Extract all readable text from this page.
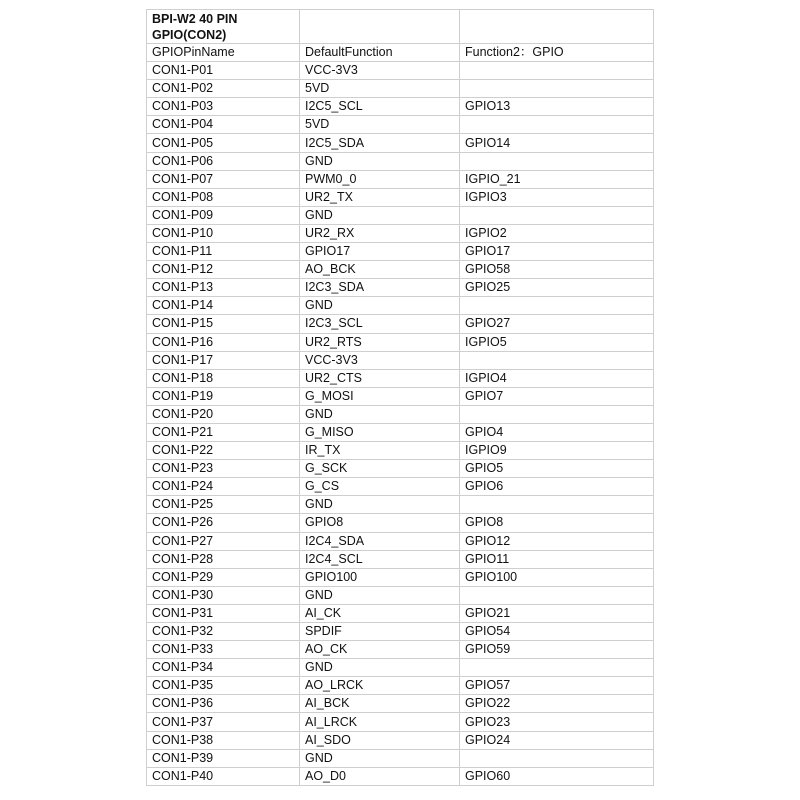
BPI-W2 40 PIN
GPIO(CON2)		

GPIOPinName	DefaultFunction	Function2：GPIO
CON1-P01	VCC-3V3	
CON1-P02	5VD	
CON1-P03	I2C5_SCL	GPIO13
CON1-P04	5VD	
CON1-P05	I2C5_SDA	GPIO14
CON1-P06	GND	
CON1-P07	PWM0_0	IGPIO_21
CON1-P08	UR2_TX	IGPIO3
CON1-P09	GND	
CON1-P10	UR2_RX	IGPIO2
CON1-P11	GPIO17	GPIO17
CON1-P12	AO_BCK	GPIO58
CON1-P13	I2C3_SDA	GPIO25
CON1-P14	GND	
CON1-P15	I2C3_SCL	GPIO27
CON1-P16	UR2_RTS	IGPIO5
CON1-P17	VCC-3V3	
CON1-P18	UR2_CTS	IGPIO4
CON1-P19	G_MOSI	GPIO7
CON1-P20	GND	
CON1-P21	G_MISO	GPIO4
CON1-P22	IR_TX	IGPIO9
CON1-P23	G_SCK	GPIO5
CON1-P24	G_CS	GPIO6
CON1-P25	GND	
CON1-P26	GPIO8	GPIO8
CON1-P27	I2C4_SDA	GPIO12
CON1-P28	I2C4_SCL	GPIO11
CON1-P29	GPIO100	GPIO100
CON1-P30	GND	
CON1-P31	AI_CK	GPIO21
CON1-P32	SPDIF	GPIO54
CON1-P33	AO_CK	GPIO59
CON1-P34	GND	
CON1-P35	AO_LRCK	GPIO57
CON1-P36	AI_BCK	GPIO22
CON1-P37	AI_LRCK	GPIO23
CON1-P38	AI_SDO	GPIO24
CON1-P39	GND	
CON1-P40	AO_D0	GPIO60
